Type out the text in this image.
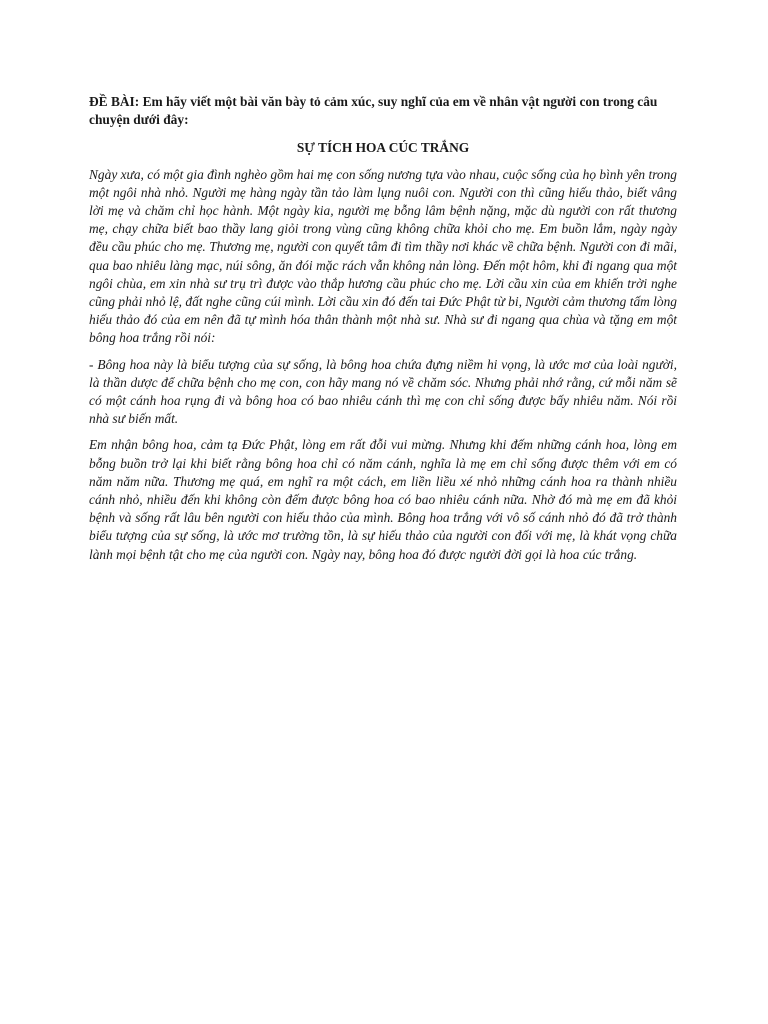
ĐỀ BÀI: Em hãy viết một bài văn bày tỏ cảm xúc, suy nghĩ của em về nhân vật người con trong câu chuyện dưới đây:

SỰ TÍCH HOA CÚC TRẮNG

Ngày xưa, có một gia đình nghèo gồm hai mẹ con sống nương tựa vào nhau, cuộc sống của họ bình yên trong một ngôi nhà nhỏ. Người mẹ hàng ngày tần tảo làm lụng nuôi con. Người con thì cũng hiếu thảo, biết vâng lời mẹ và chăm chỉ học hành. Một ngày kia, người mẹ bỗng lâm bệnh nặng, mặc dù người con rất thương mẹ, chạy chữa biết bao thầy lang giỏi trong vùng cũng không chữa khỏi cho mẹ. Em buồn lắm, ngày ngày đều cầu phúc cho mẹ. Thương mẹ, người con quyết tâm đi tìm thầy nơi khác về chữa bệnh. Người con đi mãi, qua bao nhiêu làng mạc, núi sông, ăn đói mặc rách vẫn không nản lòng. Đến một hôm, khi đi ngang qua một ngôi chùa, em xin nhà sư trụ trì được vào thắp hương cầu phúc cho mẹ. Lời cầu xin của em khiến trời nghe cũng phải nhỏ lệ, đất nghe cũng cúi mình. Lời cầu xin đó đến tai Đức Phật từ bi, Người cảm thương tấm lòng hiếu thảo đó của em nên đã tự mình hóa thân thành một nhà sư. Nhà sư đi ngang qua chùa và tặng em một bông hoa trắng rồi nói:

- Bông hoa này là biểu tượng của sự sống, là bông hoa chứa đựng niềm hi vọng, là ước mơ của loài người, là thần dược để chữa bệnh cho mẹ con, con hãy mang nó về chăm sóc. Nhưng phải nhớ rằng, cứ mỗi năm sẽ có một cánh hoa rụng đi và bông hoa có bao nhiêu cánh thì mẹ con chỉ sống được bấy nhiêu năm. Nói rồi nhà sư biến mất.

Em nhận bông hoa, cảm tạ Đức Phật, lòng em rất đỗi vui mừng. Nhưng khi đếm những cánh hoa, lòng em bỗng buồn trở lại khi biết rằng bông hoa chỉ có năm cánh, nghĩa là mẹ em chỉ sống được thêm với em có năm năm nữa. Thương mẹ quá, em nghĩ ra một cách, em liền liều xé nhỏ những cánh hoa ra thành nhiều cánh nhỏ, nhiều đến khi không còn đếm được bông hoa có bao nhiêu cánh nữa. Nhờ đó mà mẹ em đã khỏi bệnh và sống rất lâu bên người con hiếu thảo của mình. Bông hoa trắng với vô số cánh nhỏ đó đã trở thành biểu tượng của sự sống, là ước mơ trường tồn, là sự hiếu thảo của người con đối với mẹ, là khát vọng chữa lành mọi bệnh tật cho mẹ của người con. Ngày nay, bông hoa đó được người đời gọi là hoa cúc trắng.
